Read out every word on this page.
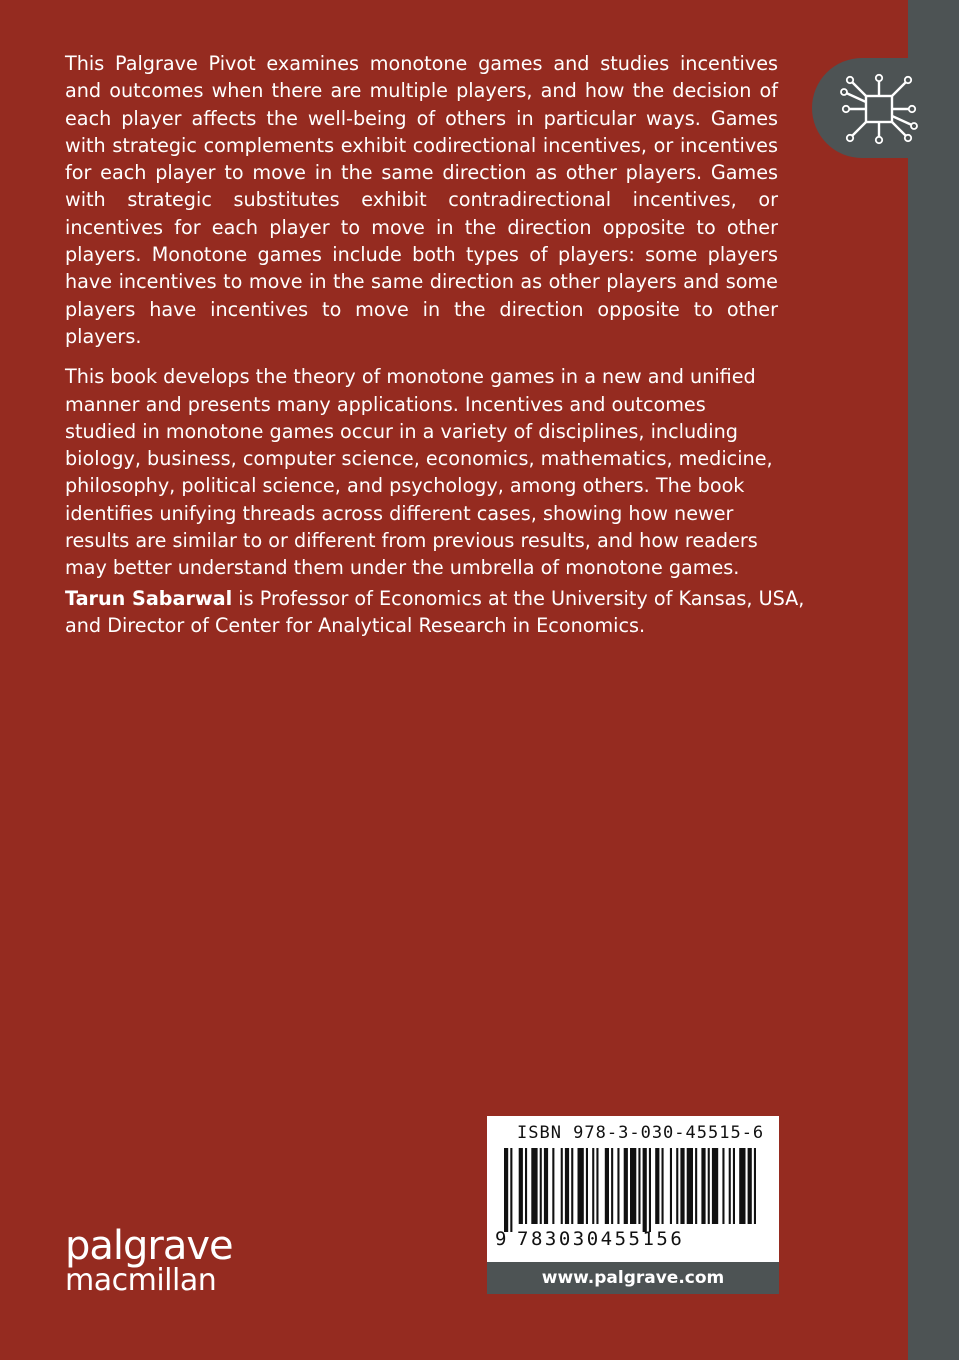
This Palgrave Pivot examines monotone games and studies incentives and outcomes when there are multiple players, and how the decision of each player affects the well-being of others in particular ways. Games with strategic complements exhibit codirectional incentives, or incentives for each player to move in the same direction as other players. Games with strategic substitutes exhibit contradirectional incentives, or incentives for each player to move in the direction opposite to other players. Monotone games include both types of players: some players have incentives to move in the same direction as other players and some players have incentives to move in the direction opposite to other players.

This book develops the theory of monotone games in a new and unified manner and presents many applications. Incentives and outcomes studied in monotone games occur in a variety of disciplines, including biology, business, computer science, economics, mathematics, medicine, philosophy, political science, and psychology, among others. The book identifies unifying threads across different cases, showing how newer results are similar to or different from previous results, and how readers may better understand them under the umbrella of monotone games.

Tarun Sabarwal is Professor of Economics at the University of Kansas, USA, and Director of Center for Analytical Research in Economics.
palgrave
macmillan
ISBN 978-3-030-45515-6
9 783030455156
www.palgrave.com
